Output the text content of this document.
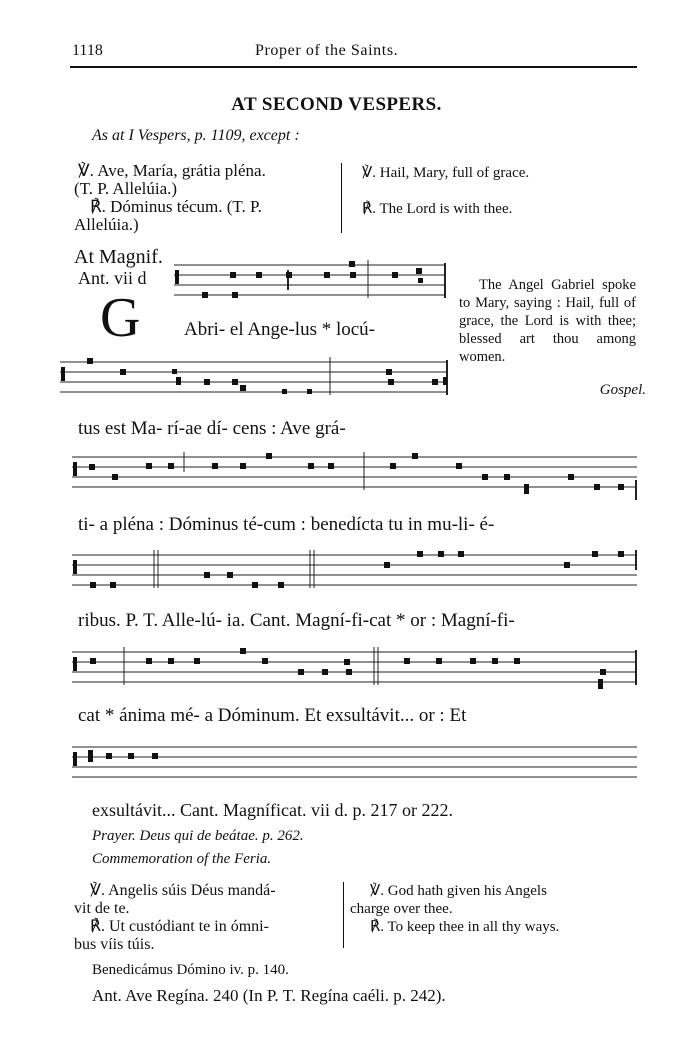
1118	Proper of the Saints.
AT SECOND VESPERS.
As at I Vespers, p. 1109, except :
℣. Ave, María, grátia pléna.
(T. P. Allelúia.)
℟. Dóminus técum. (T. P.
Allelúia.)
℣. Hail, Mary, full of grace.
℟. The Lord is with thee.
At Magnif.
Ant. vii d
G Abri- el Ange-lus * locú-
The Angel Gabriel spoke to Mary, saying : Hail, full of grace, the Lord is with thee; blessed art thou among women.
Gospel.
tus est Ma- rí-ae dí- cens : Ave grá-
ti- a pléna : Dóminus té-cum : benedícta tu in mu-li- é-
ribus. P. T. Alle-lú- ia. Cant. Magní-fi-cat * or : Magní-fi-
cat * ánima mé- a Dóminum. Et exsultávit... or : Et
exsultávit... Cant. Magníficat. vii d. p. 217 or 222.
Prayer. Deus qui de beátae. p. 262.
Commemoration of the Feria.
℣. Angelis súis Déus mandá-
vit de te.
℟. Ut custódiant te in ómni-
bus víis túis.
℣. God hath given his Angels
charge over thee.
℟. To keep thee in all thy ways.
Benedicámus Dómino iv. p. 140.
Ant. Ave Regína. 240 (In P. T. Regína caéli. p. 242).
